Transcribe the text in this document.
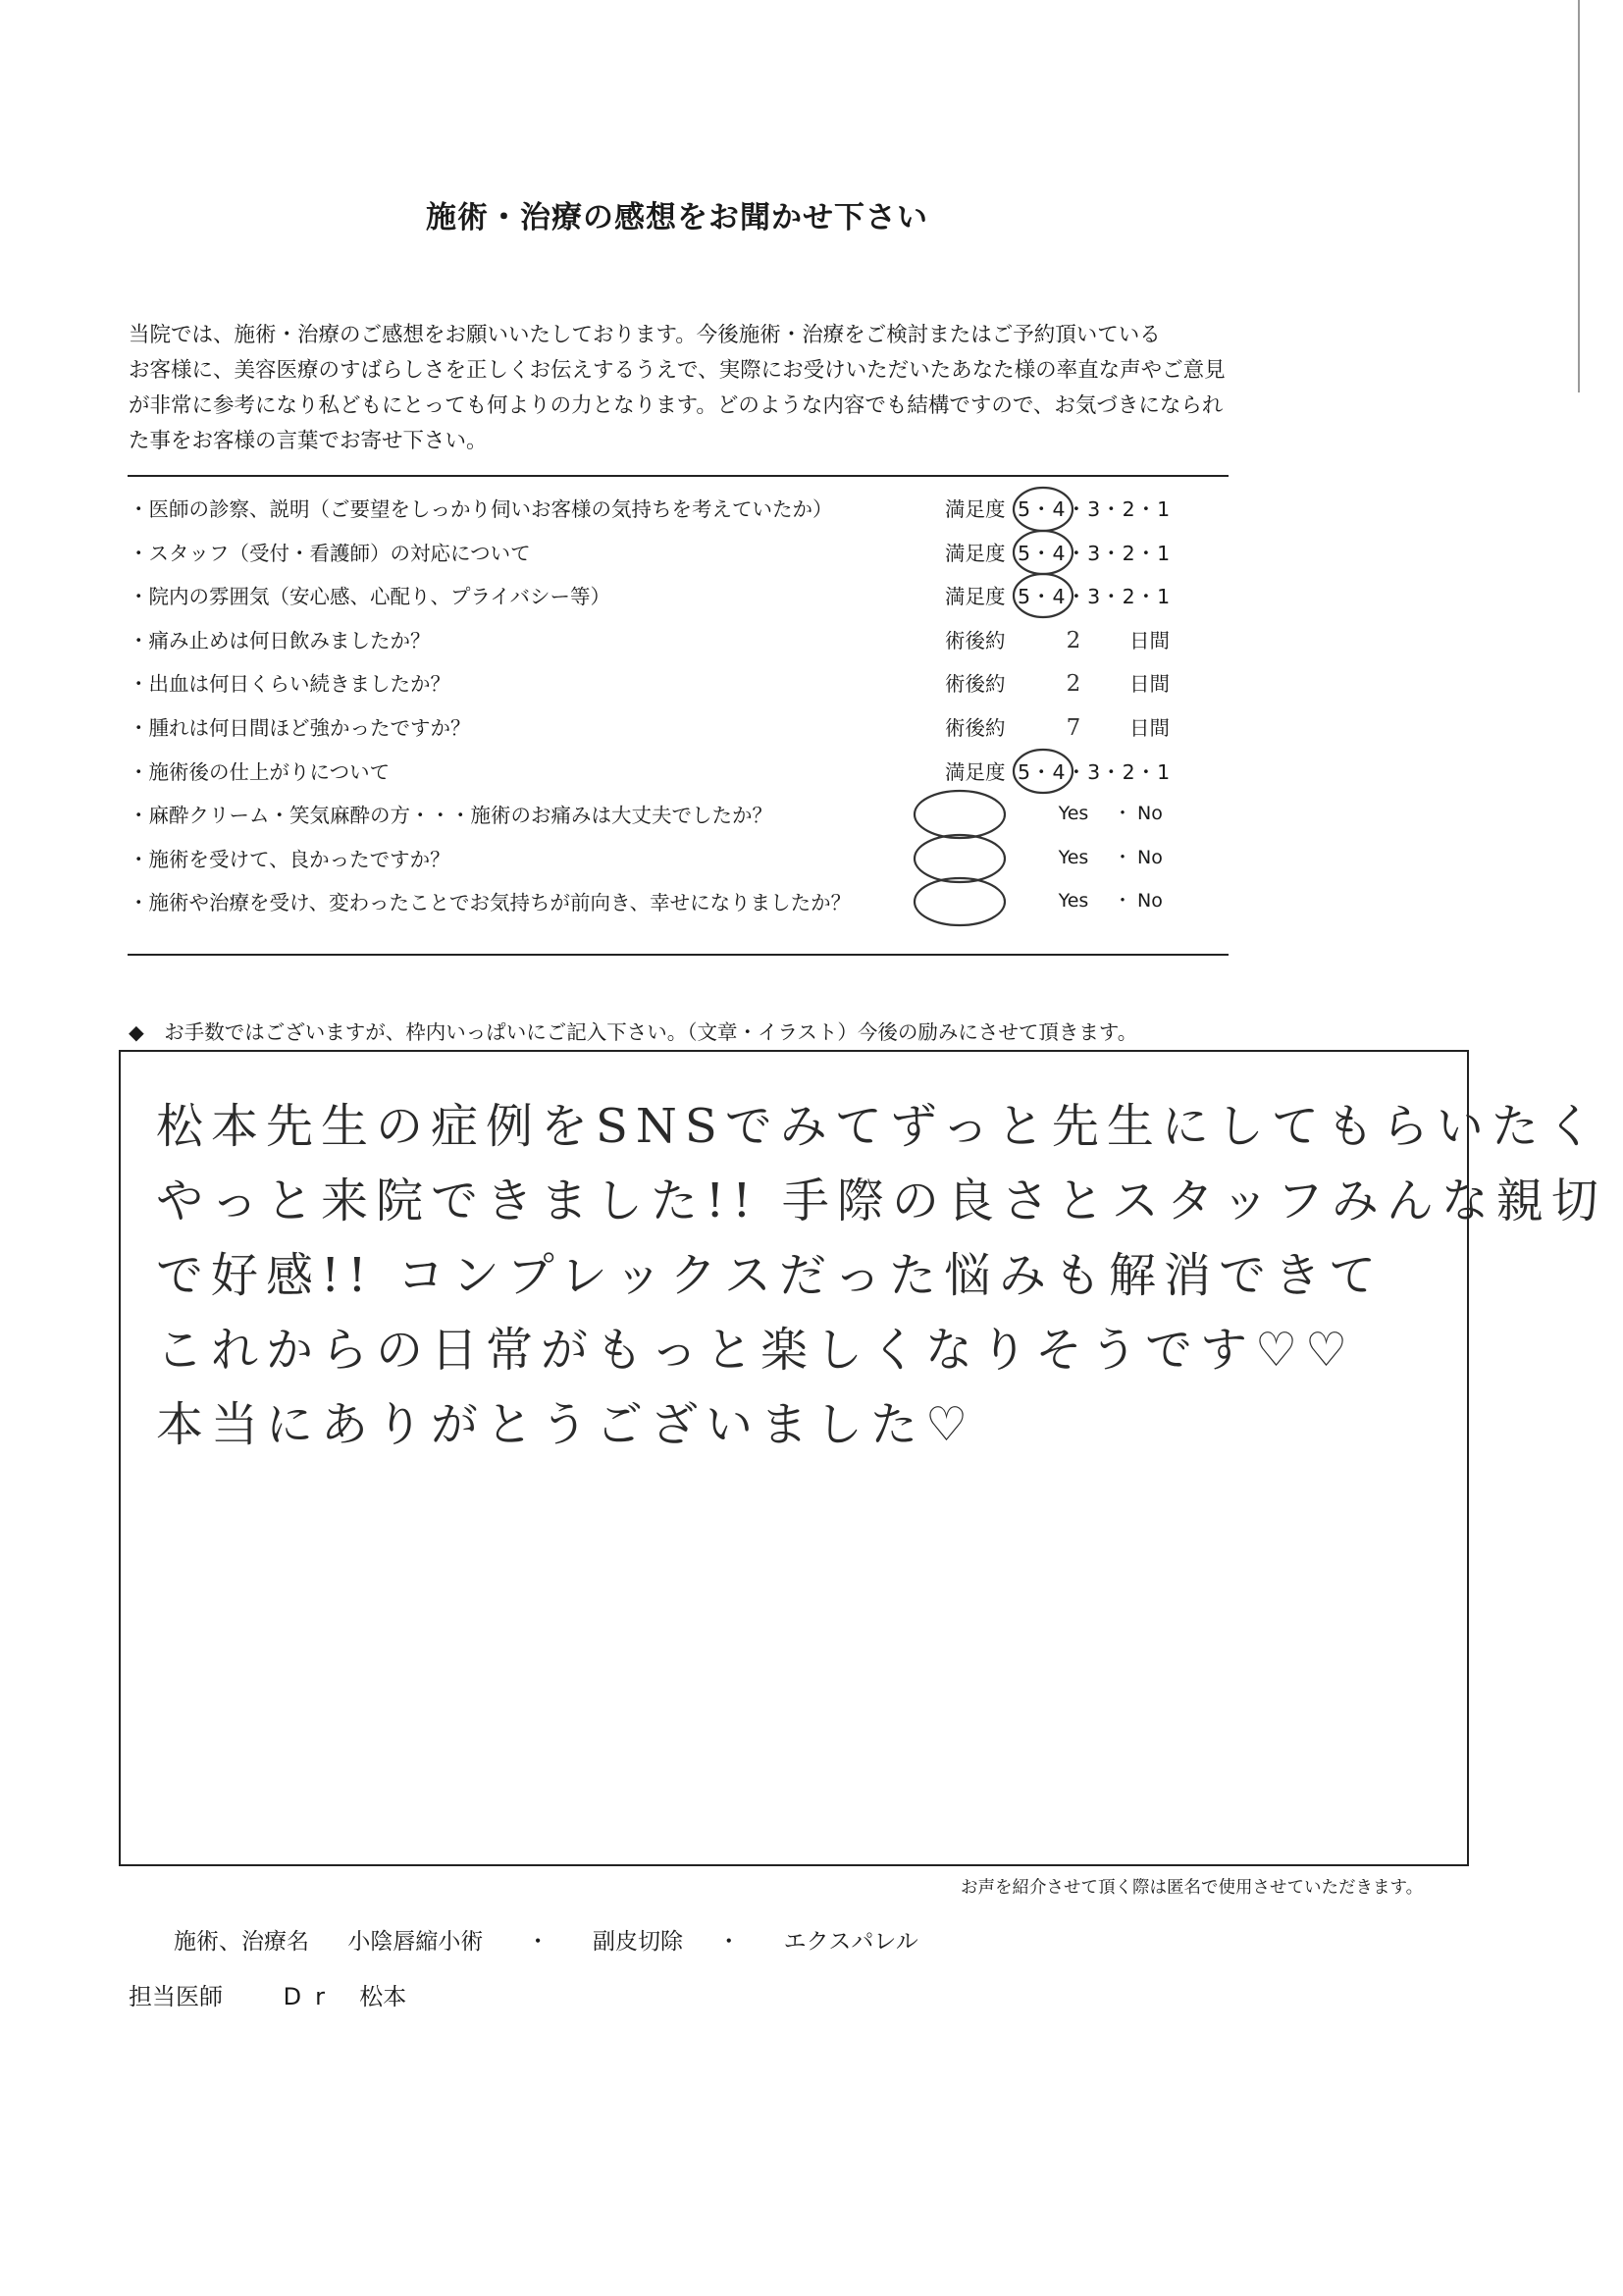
施術・治療の感想をお聞かせ下さい
当院では、施術・治療のご感想をお願いいたしております。今後施術・治療をご検討またはご予約頂いている
お客様に、美容医療のすばらしさを正しくお伝えするうえで、実際にお受けいただいたあなた様の率直な声やご意見
が非常に参考になり私どもにとっても何よりの力となります。どのような内容でも結構ですので、お気づきになられ
た事をお客様の言葉でお寄せ下さい。
・医師の診察、説明（ご要望をしっかり伺いお客様の気持ちを考えていたか）	満足度 5・4・3・2・1
・スタッフ（受付・看護師）の対応について	満足度 5・4・3・2・1
・院内の雰囲気（安心感、心配り、プライバシー等）	満足度 5・4・3・2・1
・痛み止めは何日飲みましたか？	術後約	2 日間
・出血は何日くらい続きましたか？	術後約	2 日間
・腫れは何日間ほど強かったですか？	術後約	7 日間
・施術後の仕上がりについて	満足度 5・4・3・2・1
・麻酔クリーム・笑気麻酔の方・・・施術のお痛みは大丈夫でしたか？	Yes ・ No
・施術を受けて、良かったですか？	Yes ・ No
・施術や治療を受け、変わったことでお気持ちが前向き、幸せになりましたか？	Yes ・ No
◆　お手数ではございますが、枠内いっぱいにご記入下さい。（文章・イラスト）今後の励みにさせて頂きます。
松本先生の症例をSNSでみてずっと先生にしてもらいたく
やっと来院できました!! 手際の良さとスタッフみんな親切
で好感!! コンプレックスだった悩みも解消できて
これからの日常がもっと楽しくなりそうです♡♡
本当にありがとうございました♡
お声を紹介させて頂く際は匿名で使用させていただきます。
施術、治療名 小陰唇縮小術 ・ 副皮切除 ・ エクスパレル
担当医師	Dr 松本
